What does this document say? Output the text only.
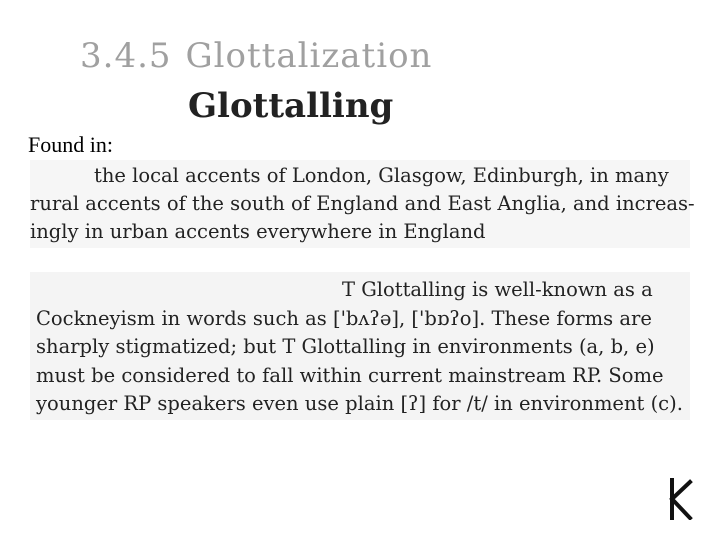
3.4.5 Glottalization
Glottalling
Found in:
the local accents of London, Glasgow, Edinburgh, in many
rural accents of the south of England and East Anglia, and increas-
ingly in urban accents everywhere in England
T Glottalling is well-known as a
Cockneyism in words such as ['bʌʔə], ['bɒʔo]. These forms are
sharply stigmatized; but T Glottalling in environments (a, b, e)
must be considered to fall within current mainstream RP. Some
younger RP speakers even use plain [ʔ] for /t/ in environment (c).
